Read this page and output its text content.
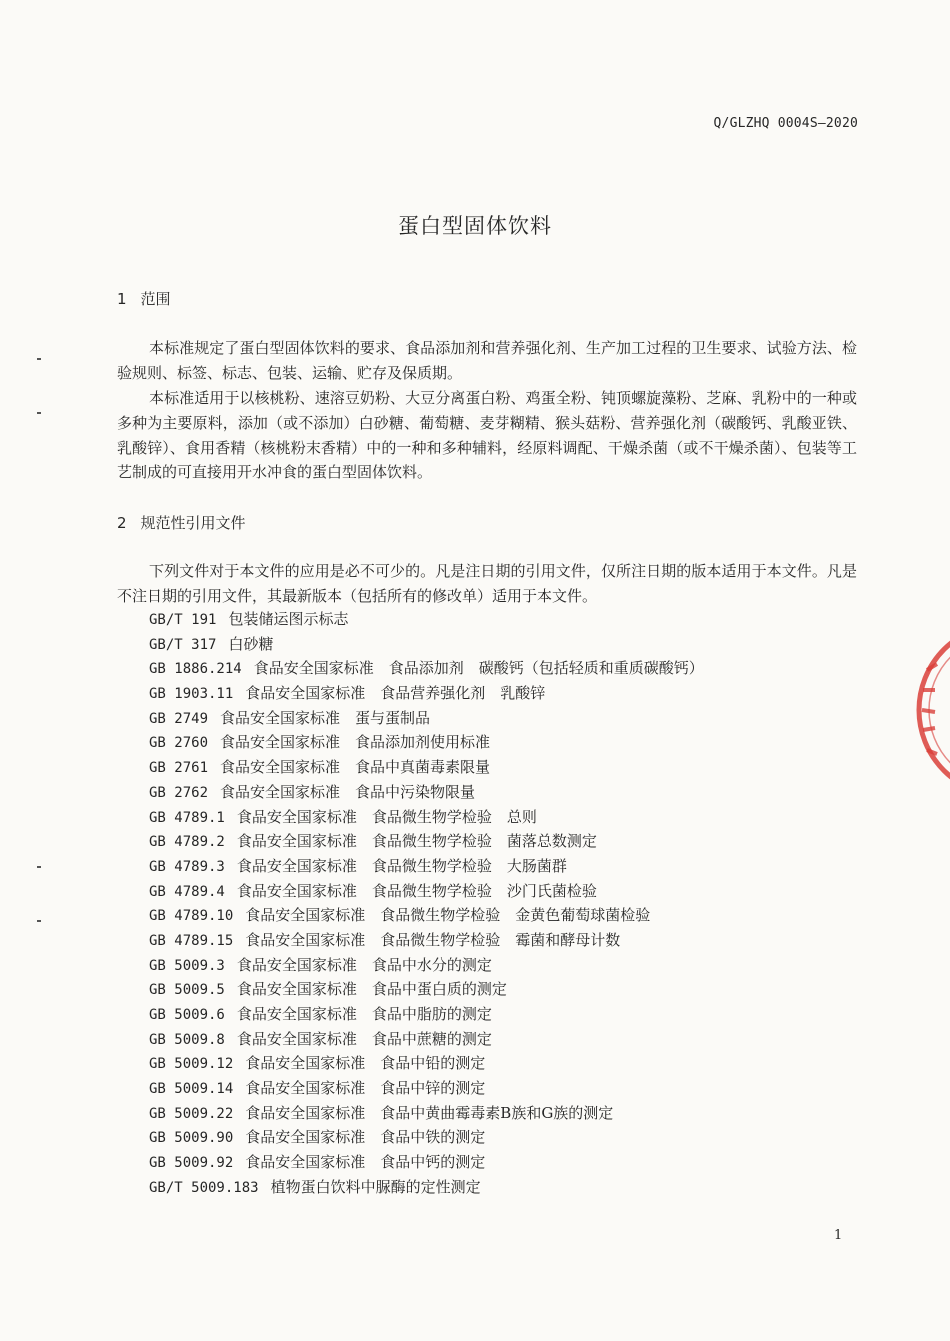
Q/GLZHQ 0004S—2020
蛋白型固体饮料
1 范围

本标准规定了蛋白型固体饮料的要求、食品添加剂和营养强化剂、生产加工过程的卫生要求、试验方法、检验规则、标签、标志、包装、运输、贮存及保质期。

本标准适用于以核桃粉、速溶豆奶粉、大豆分离蛋白粉、鸡蛋全粉、钝顶螺旋藻粉、芝麻、乳粉中的一种或多种为主要原料，添加（或不添加）白砂糖、葡萄糖、麦芽糊精、猴头菇粉、营养强化剂（碳酸钙、乳酸亚铁、乳酸锌）、食用香精（核桃粉末香精）中的一种和多种辅料，经原料调配、干燥杀菌（或不干燥杀菌）、包装等工艺制成的可直接用开水冲食的蛋白型固体饮料。

2 规范性引用文件

下列文件对于本文件的应用是必不可少的。凡是注日期的引用文件，仅所注日期的版本适用于本文件。凡是不注日期的引用文件，其最新版本（包括所有的修改单）适用于本文件。

GB/T 191 包装储运图示标志
GB/T 317 白砂糖
GB 1886.214 食品安全国家标准　食品添加剂　碳酸钙（包括轻质和重质碳酸钙）
GB 1903.11 食品安全国家标准　食品营养强化剂　乳酸锌
GB 2749 食品安全国家标准　蛋与蛋制品
GB 2760 食品安全国家标准　食品添加剂使用标准
GB 2761 食品安全国家标准　食品中真菌毒素限量
GB 2762 食品安全国家标准　食品中污染物限量
GB 4789.1 食品安全国家标准　食品微生物学检验　总则
GB 4789.2 食品安全国家标准　食品微生物学检验　菌落总数测定
GB 4789.3 食品安全国家标准　食品微生物学检验　大肠菌群
GB 4789.4 食品安全国家标准　食品微生物学检验　沙门氏菌检验
GB 4789.10 食品安全国家标准　食品微生物学检验　金黄色葡萄球菌检验
GB 4789.15 食品安全国家标准　食品微生物学检验　霉菌和酵母计数
GB 5009.3 食品安全国家标准　食品中水分的测定
GB 5009.5 食品安全国家标准　食品中蛋白质的测定
GB 5009.6 食品安全国家标准　食品中脂肪的测定
GB 5009.8 食品安全国家标准　食品中蔗糖的测定
GB 5009.12 食品安全国家标准　食品中铅的测定
GB 5009.14 食品安全国家标准　食品中锌的测定
GB 5009.22 食品安全国家标准　食品中黄曲霉毒素B族和G族的测定
GB 5009.90 食品安全国家标准　食品中铁的测定
GB 5009.92 食品安全国家标准　食品中钙的测定
GB/T 5009.183 植物蛋白饮料中脲酶的定性测定
1
